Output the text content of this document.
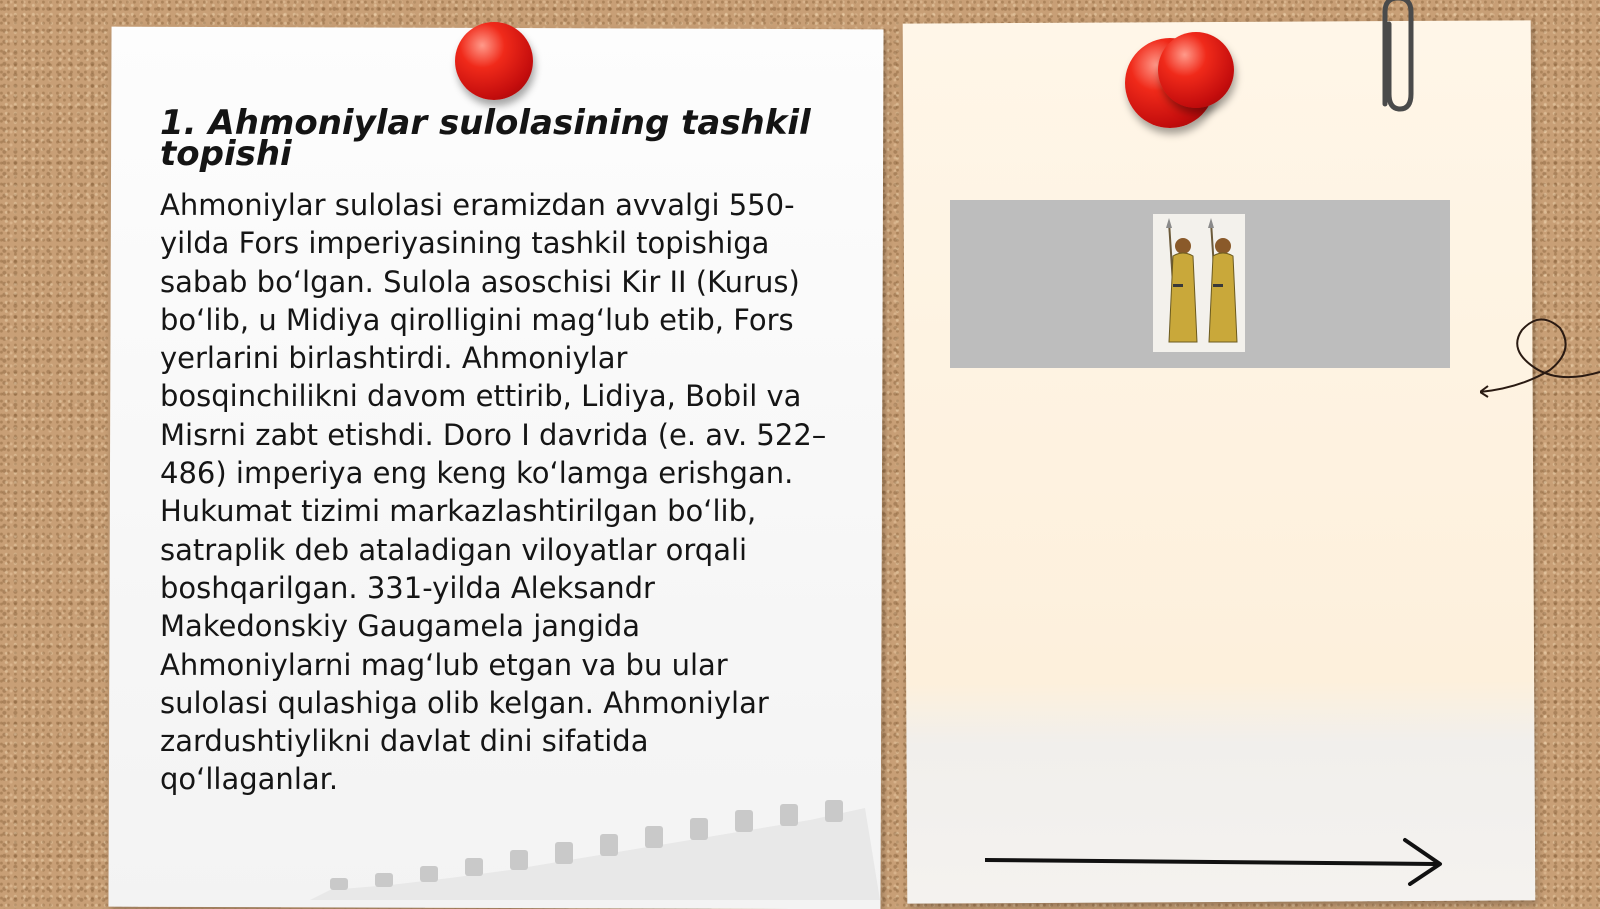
1. Ahmoniylar sulolasining tashkil topishi

Ahmoniylar sulolasi eramizdan avvalgi 550-yilda Fors imperiyasining tashkil topishiga sabab bo‘lgan. Sulola asoschisi Kir II (Kurus) bo‘lib, u Midiya qirolligini mag‘lub etib, Fors yerlarini birlashtirdi. Ahmoniylar bosqinchilikni davom ettirib, Lidiya, Bobil va Misrni zabt etishdi. Doro I davrida (e. av. 522–486) imperiya eng keng ko‘lamga erishgan. Hukumat tizimi markazlashtirilgan bo‘lib, satraplik deb ataladigan viloyatlar orqali boshqarilgan. 331-yilda Aleksandr Makedonskiy Gaugamela jangida Ahmoniylarni mag‘lub etgan va bu ular sulolasi qulashiga olib kelgan. Ahmoniylar zardushtiylikni davlat dini sifatida qo‘llaganlar.
